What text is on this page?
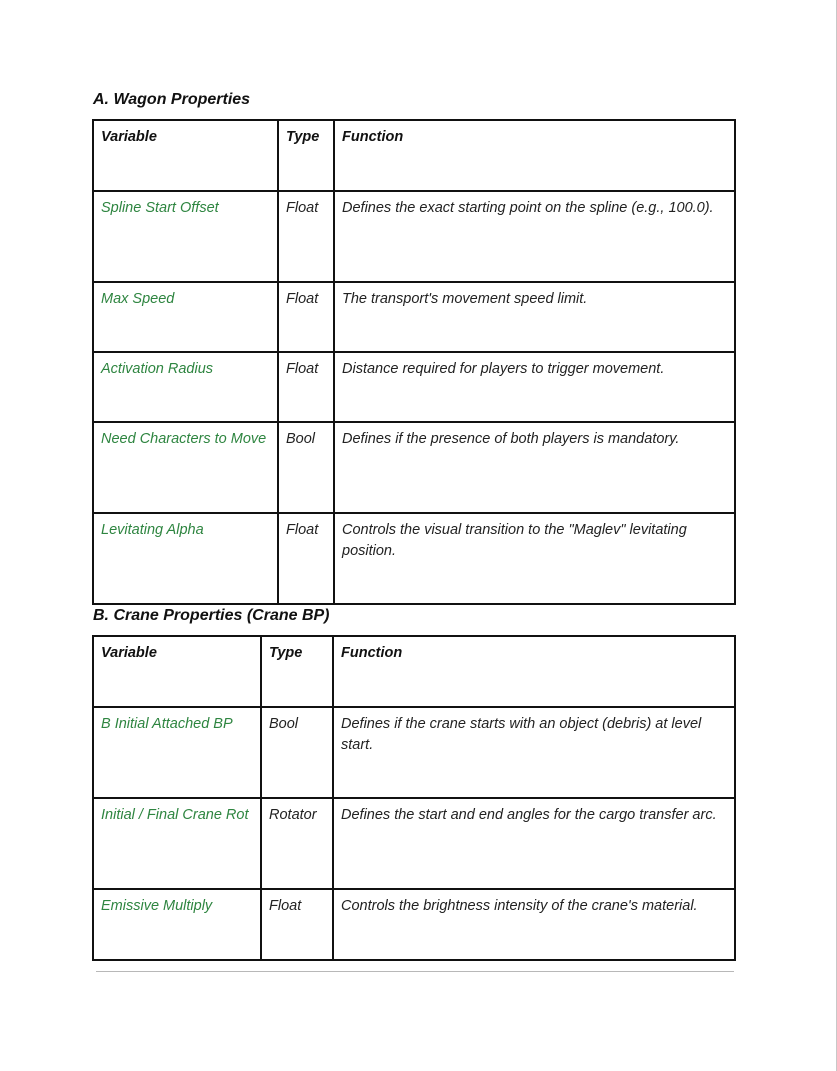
A. Wagon Properties
Variable	Type	Function
Spline Start Offset	Float	Defines the exact starting point on the spline (e.g., 100.0).
Max Speed	Float	The transport's movement speed limit.
Activation Radius	Float	Distance required for players to trigger movement.
Need Characters to Move	Bool	Defines if the presence of both players is mandatory.
Levitating Alpha	Float	Controls the visual transition to the "Maglev" levitating position.
B. Crane Properties (Crane BP)
Variable	Type	Function
B Initial Attached BP	Bool	Defines if the crane starts with an object (debris) at level start.
Initial / Final Crane Rot	Rotator	Defines the start and end angles for the cargo transfer arc.
Emissive Multiply	Float	Controls the brightness intensity of the crane's material.
